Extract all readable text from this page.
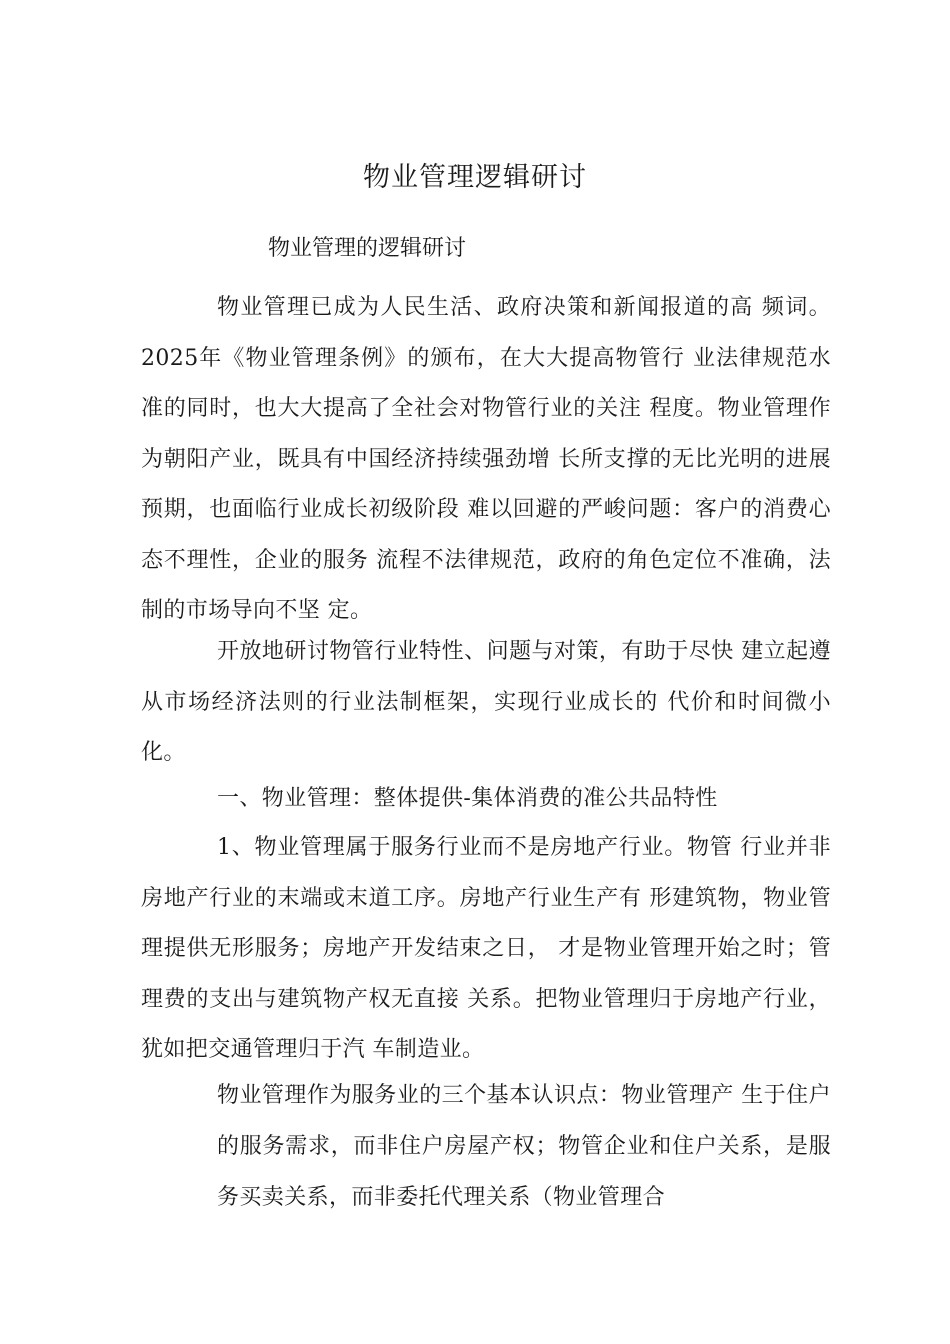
物业管理逻辑研讨

物业管理的逻辑研讨

物业管理已成为人民生活、政府决策和新闻报道的高 频词。2025年《物业管理条例》的颁布，在大大提高物管行 业法律规范水准的同时，也大大提高了全社会对物管行业的关注 程度。物业管理作为朝阳产业，既具有中国经济持续强劲增 长所支撑的无比光明的进展预期，也面临行业成长初级阶段 难以回避的严峻问题：客户的消费心态不理性，企业的服务 流程不法律规范，政府的角色定位不准确，法制的市场导向不坚 定。

开放地研讨物管行业特性、问题与对策，有助于尽快 建立起遵从市场经济法则的行业法制框架，实现行业成长的 代价和时间微小化。

一、物业管理：整体提供-集体消费的准公共品特性

1、物业管理属于服务行业而不是房地产行业。物管 行业并非房地产行业的末端或末道工序。房地产行业生产有 形建筑物，物业管理提供无形服务；房地产开发结束之日， 才是物业管理开始之时；管理费的支出与建筑物产权无直接 关系。把物业管理归于房地产行业，犹如把交通管理归于汽 车制造业。

物业管理作为服务业的三个基本认识点：物业管理产 生于住户的服务需求，而非住户房屋产权；物管企业和住户关系，是服务买卖关系，而非委托代理关系（物业管理合
